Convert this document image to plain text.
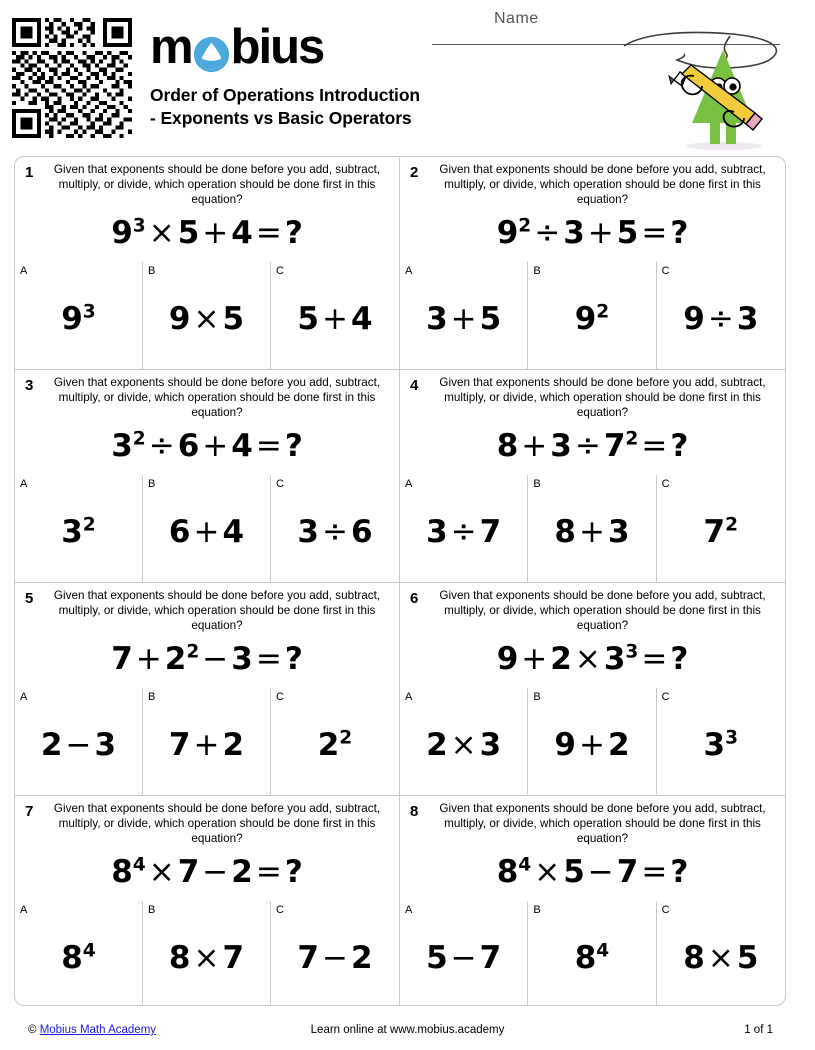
m bius
Order of Operations Introduction - Exponents vs Basic Operators
Name
1	Given that exponents should be done before you add, subtract, multiply, or divide, which operation should be done first in this equation?
$9^3\times 5+4=$?
A
$9^3$
B
9×5
C
5+4
2	Given that exponents should be done before you add, subtract, multiply, or divide, which operation should be done first in this equation?
$9^2\div 3+5=$?
A
3+5
B
$9^2$
C
9÷3
3	Given that exponents should be done before you add, subtract, multiply, or divide, which operation should be done first in this equation?
$3^2\div 6+4=$?
A
$3^2$
B
6+4
C
3÷6
4	Given that exponents should be done before you add, subtract, multiply, or divide, which operation should be done first in this equation?
$8+3\div 7^2=$?
A
3÷7
B
8+3
C
$7^2$
5	Given that exponents should be done before you add, subtract, multiply, or divide, which operation should be done first in this equation?
$7+2^2-3=$?
A
2−3
B
7+2
C
$2^2$
6	Given that exponents should be done before you add, subtract, multiply, or divide, which operation should be done first in this equation?
$9+2\times 3^3=$?
A
2×3
B
9+2
C
$3^3$
7	Given that exponents should be done before you add, subtract, multiply, or divide, which operation should be done first in this equation?
$8^4\times 7-2=$?
A
$8^4$
B
8×7
C
7−2
8	Given that exponents should be done before you add, subtract, multiply, or divide, which operation should be done first in this equation?
$8^4\times 5-7=$?
A
5−7
B
$8^4$
C
8×5
© Mobius Math Academy	Learn online at www.mobius.academy	1 of 1
